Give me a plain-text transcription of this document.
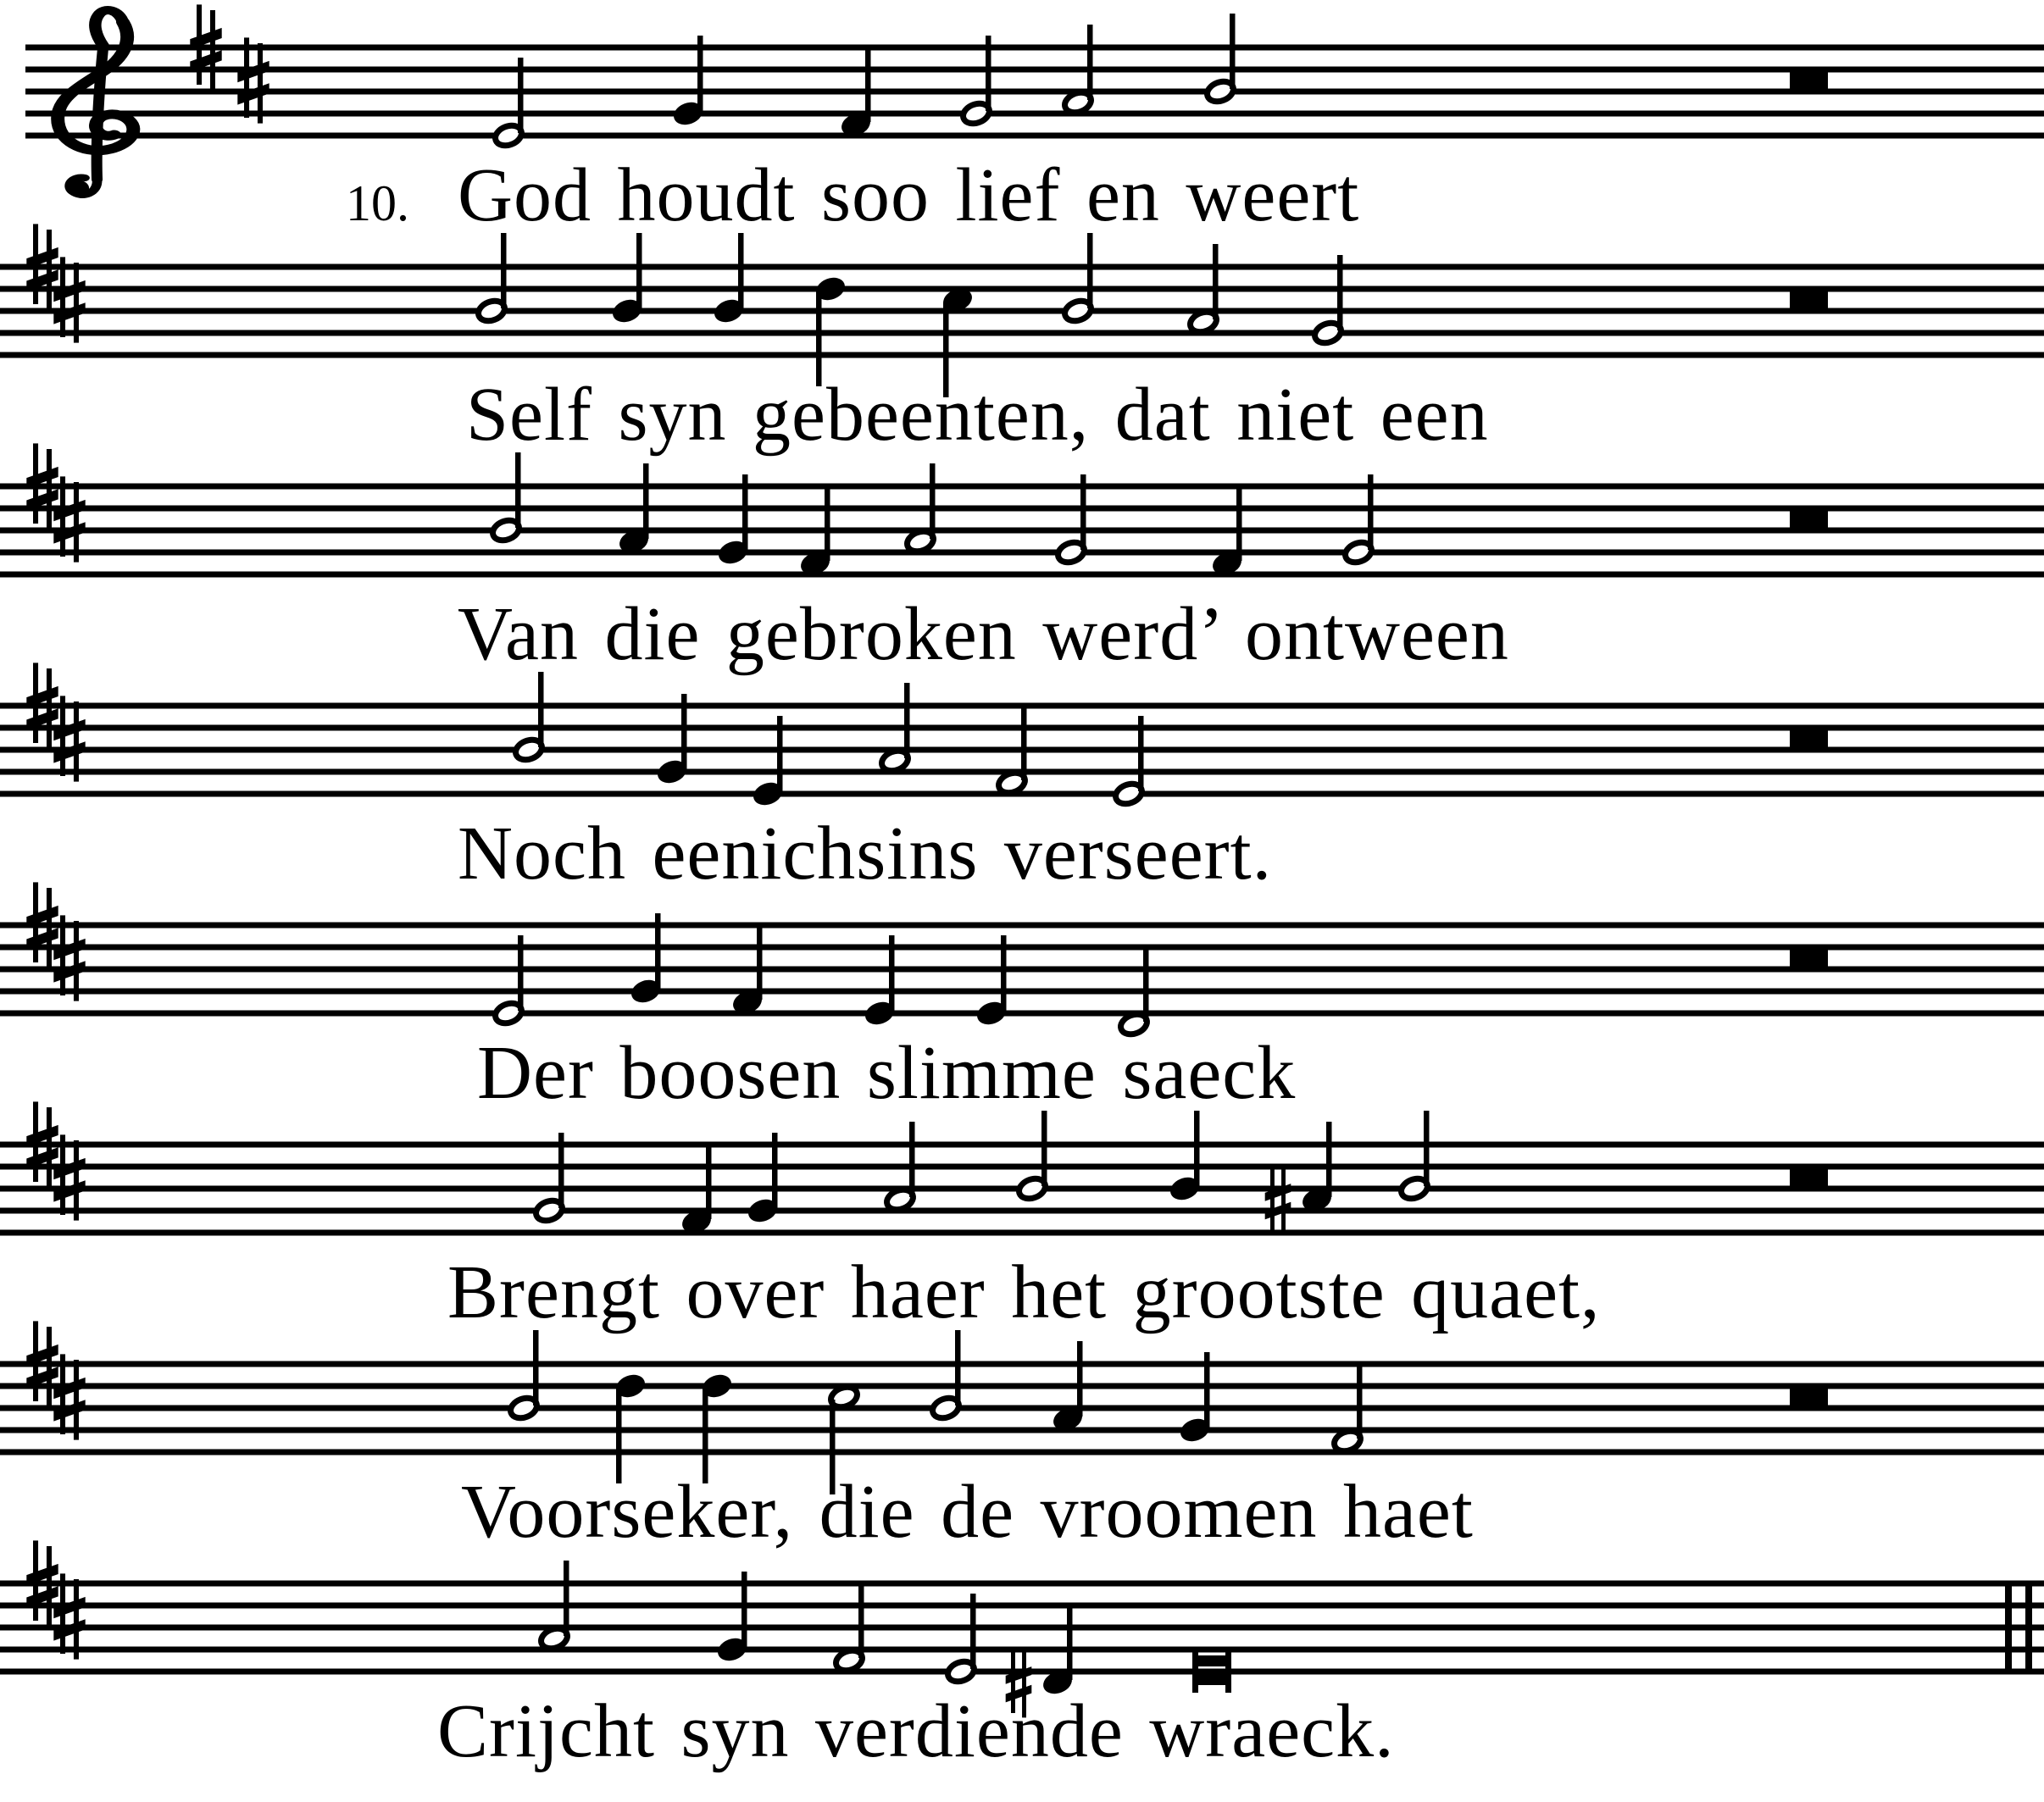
10. God houdt soo lief en weert
Self syn gebeenten, dat niet een
Van die gebroken werd’ ontween
Noch eenichsins verseert.
Der boosen slimme saeck
Brengt over haer het grootste quaet,
Voorseker, die de vroomen haet
Crijcht syn verdiende wraeck.
